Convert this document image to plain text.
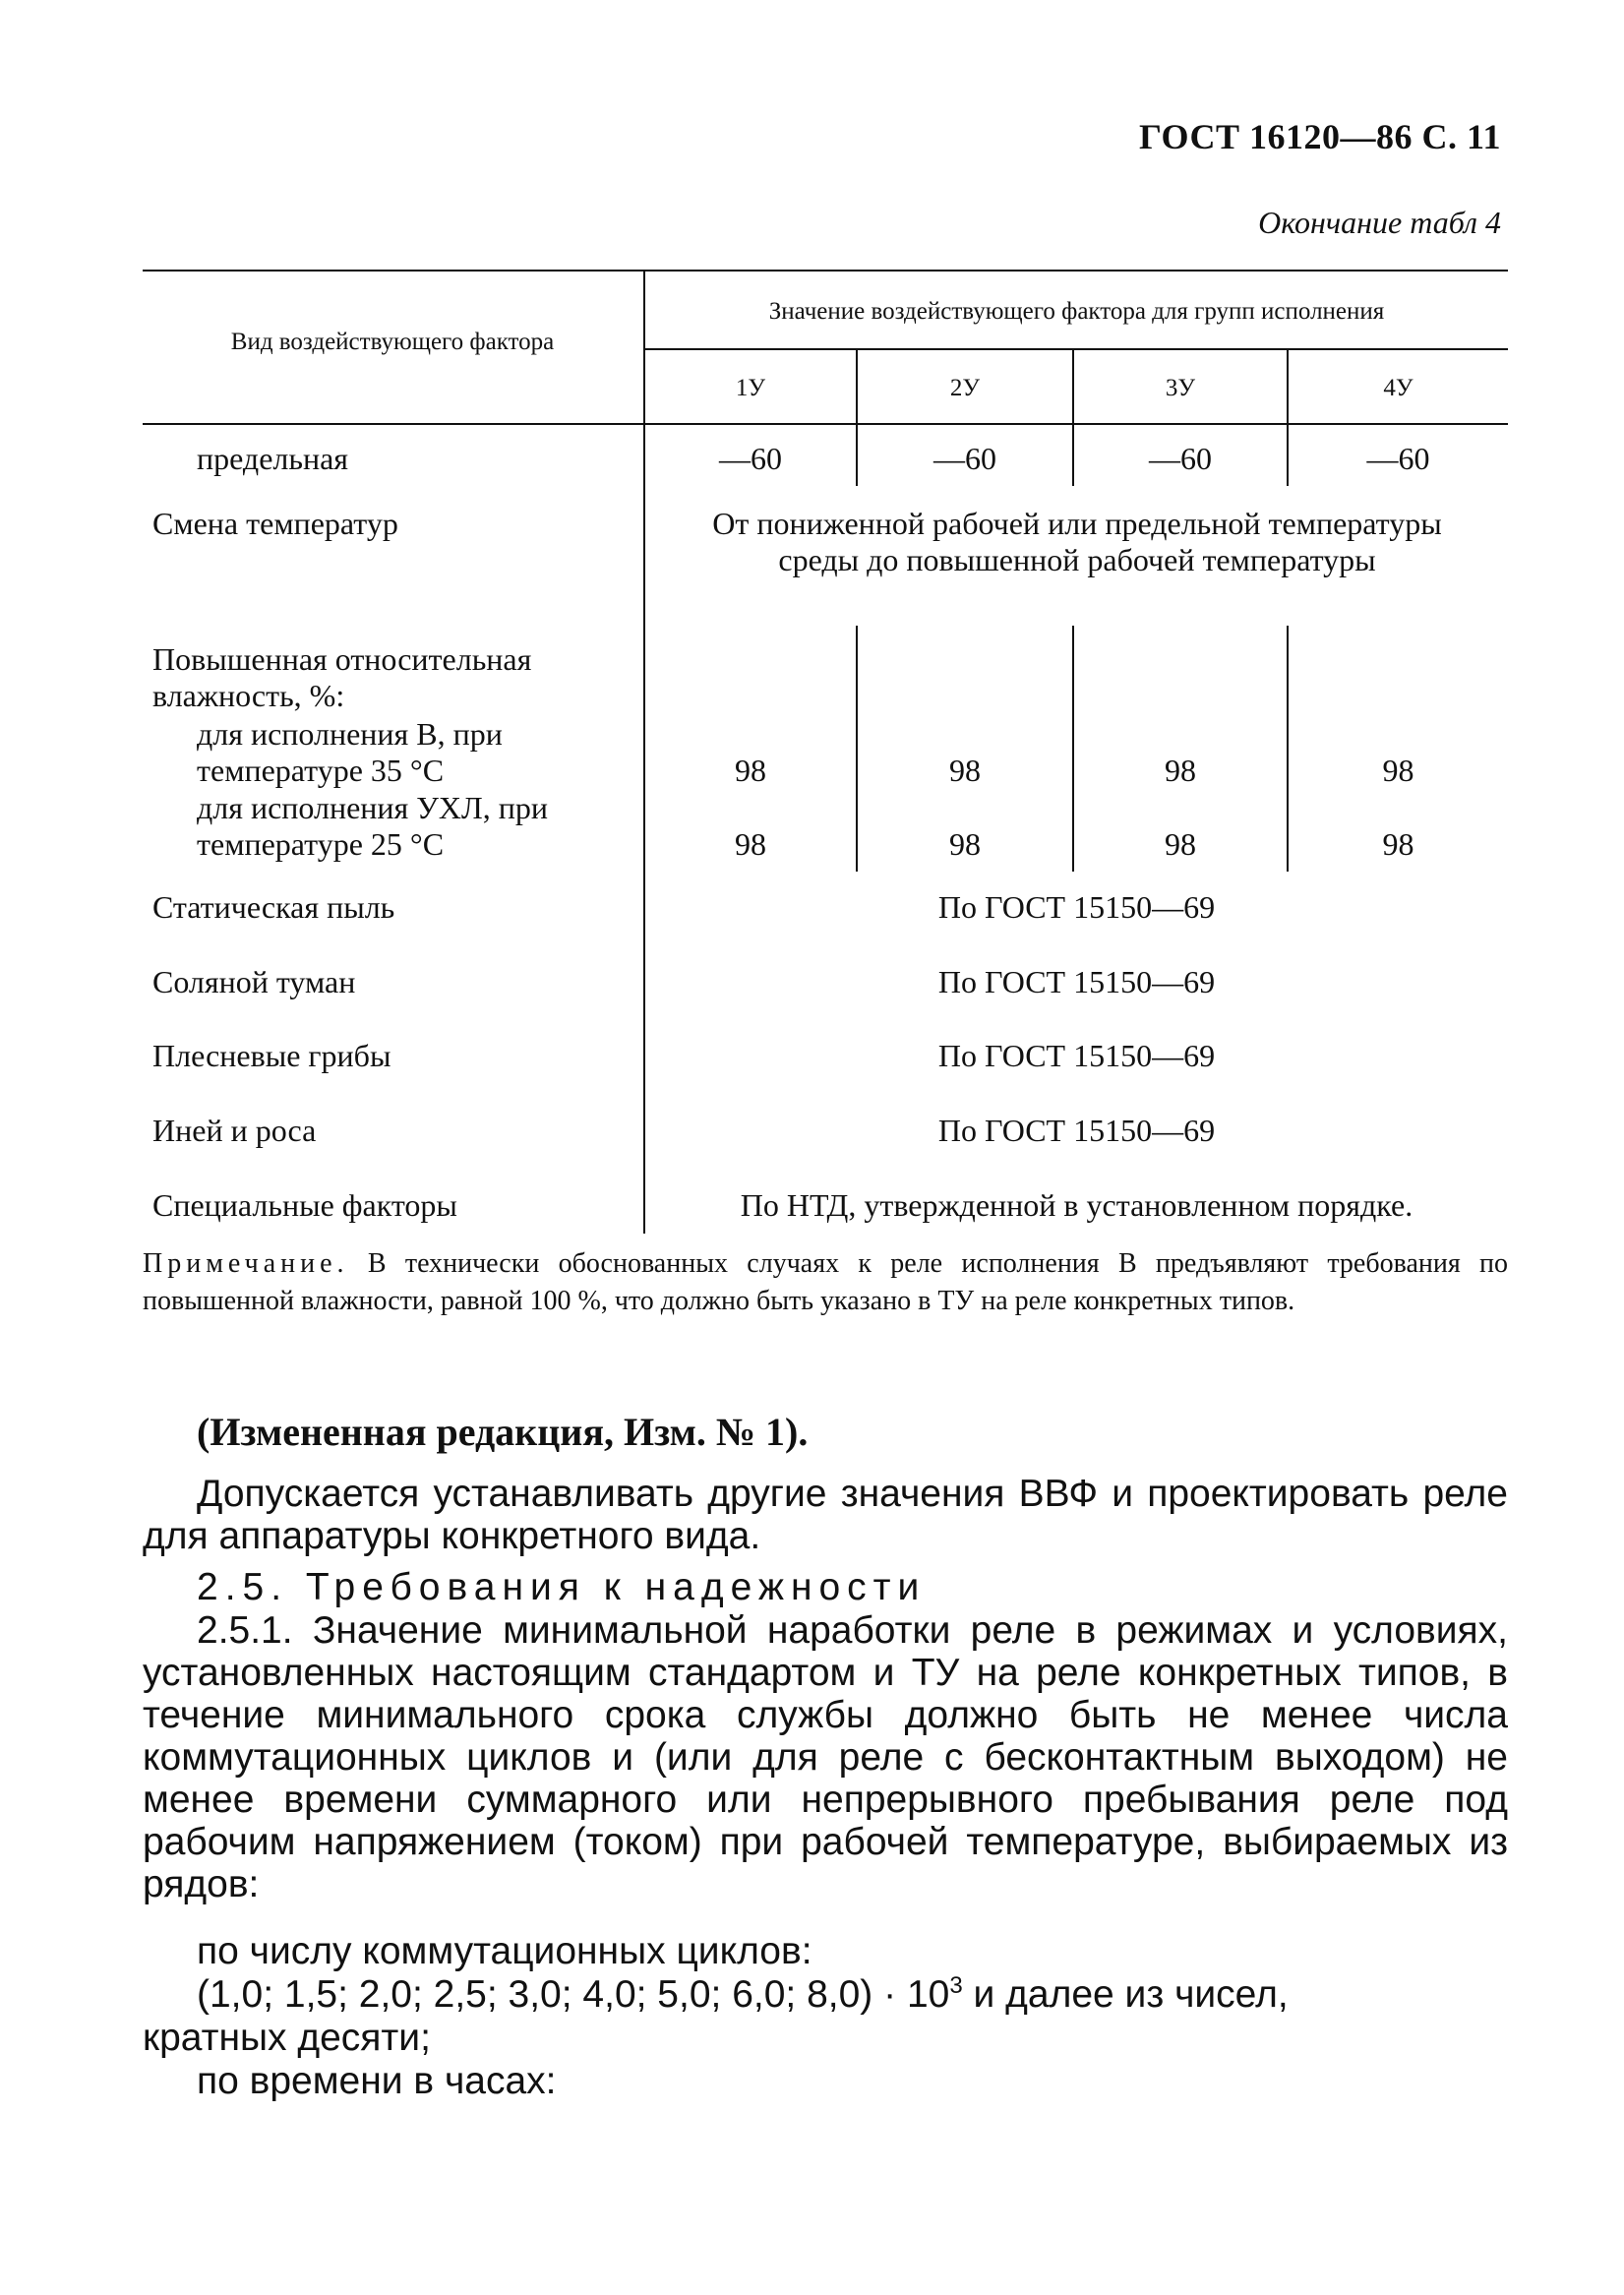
ГОСТ 16120—86 С. 11
Окончание табл 4
Вид воздействующего фактора
Значение воздействующего фактора для групп исполнения
1У	2У	3У	4У
предельная	—60	—60	—60	—60
Смена температур	От пониженной рабочей или предельной температуры среды до повышенной рабочей температуры
Повышенная относительная влажность, %:
для исполнения В, при
температуре 35 °С	98	98	98	98
для исполнения УХЛ, при
температуре 25 °С	98	98	98	98
Статическая пыль	По ГОСТ 15150—69
Соляной туман	По ГОСТ 15150—69
Плесневые грибы	По ГОСТ 15150—69
Иней и роса	По ГОСТ 15150—69
Специальные факторы	По НТД, утвержденной в установленном порядке.
Примечание. В технически обоснованных случаях к реле исполнения В предъявляют требования по повышенной влажности, равной 100 %, что должно быть указано в ТУ на реле конкретных типов.
(Измененная редакция, Изм. № 1).
Допускается устанавливать другие значения ВВФ и проектировать реле для аппаратуры конкретного вида.
2.5. Требования к надежности
2.5.1. Значение минимальной наработки реле в режимах и условиях, установленных настоящим стандартом и ТУ на реле конкретных типов, в течение минимального срока службы должно быть не менее числа коммутационных циклов и (или для реле с бесконтактным выходом) не менее времени суммарного или непрерывного пребывания реле под рабочим напряжением (током) при рабочей температуре, выбираемых из рядов:
по числу коммутационных циклов:
(1,0; 1,5; 2,0; 2,5; 3,0; 4,0; 5,0; 6,0; $8,0) \cdot 10^3$ и далее из чисел,
кратных десяти;
по времени в часах:
